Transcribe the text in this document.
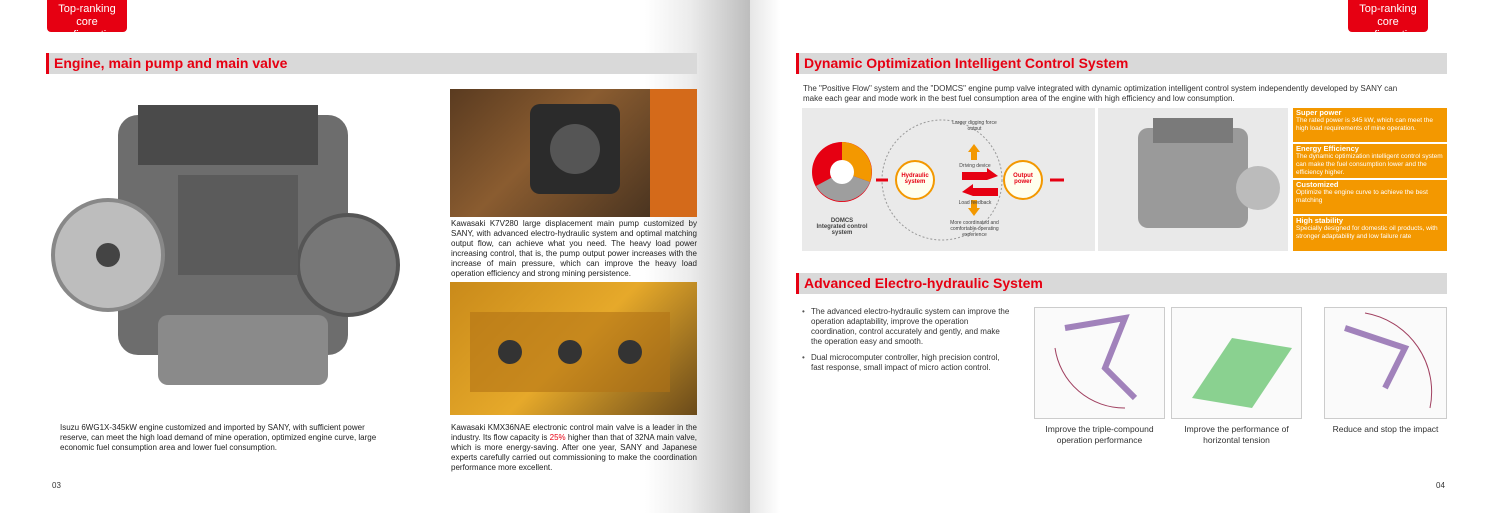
Top-ranking core configuration
Engine, main pump and main valve
Isuzu 6WG1X-345kW engine customized and imported by SANY, with sufficient power reserve, can meet the high load demand of mine operation, optimized engine curve, large economic fuel consumption area and lower fuel consumption.
Kawasaki K7V280 large displacement main pump customized by SANY, with advanced electro-hydraulic system and optimal matching output flow, can achieve what you need. The heavy load power increasing control, that is, the pump output power increases with the increase of main pressure, which can improve the heavy load operation efficiency and strong mining persistence.
Kawasaki KMX36NAE electronic control main valve is a leader in the industry. Its flow capacity is 25% higher than that of 32NA main valve, which is more energy-saving. After one year, SANY and Japanese experts carefully carried out commissioning to make the coordination performance more excellent.
03
Top-ranking core configuration
Dynamic Optimization Intelligent Control System
The "Positive Flow" system and the "DOMCS" engine pump valve integrated with dynamic optimization intelligent control system independently developed by SANY can make each gear and mode work in the best fuel consumption area of the engine with high efficiency and low consumption.
DOMCS
Integrated control system
Hydraulic system
Output power
Larger digging force output
Driving device
Load feedback
More coordinated and comfortable operating experience
Super power
The rated power is 345 kW, which can meet the high load requirements of mine operation.
Energy Efficiency
The dynamic optimization intelligent control system can make the fuel consumption lower and the efficiency higher.
Customized
Optimize the engine curve to achieve the best matching
High stability
Specially designed for domestic oil products, with stronger adaptability and low failure rate
Advanced Electro-hydraulic System
• The advanced electro-hydraulic system can improve the operation adaptability, improve the operation coordination, control accurately and gently, and make the operation easy and smooth.
• Dual microcomputer controller, high precision control, fast response, small impact of micro action control.
Improve the triple-compound operation performance
Improve the performance of horizontal tension
Reduce and stop the impact
04
